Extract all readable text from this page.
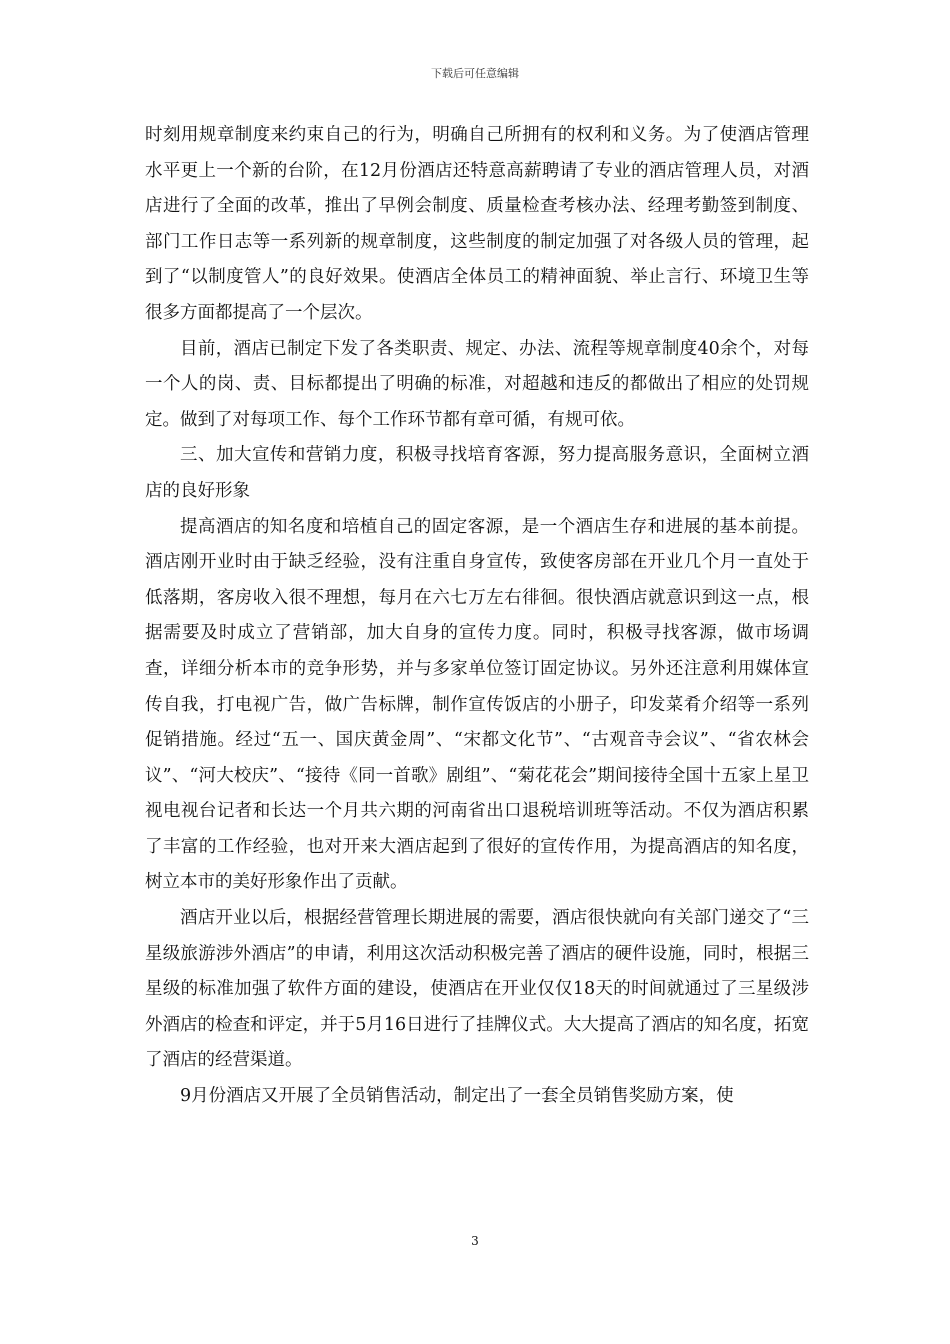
下载后可任意编辑

时刻用规章制度来约束自己的行为，明确自己所拥有的权利和义务。为了使酒店管理水平更上一个新的台阶，在12月份酒店还特意高薪聘请了专业的酒店管理人员，对酒店进行了全面的改革，推出了早例会制度、质量检查考核办法、经理考勤签到制度、部门工作日志等一系列新的规章制度，这些制度的制定加强了对各级人员的管理，起到了“以制度管人”的良好效果。使酒店全体员工的精神面貌、举止言行、环境卫生等很多方面都提高了一个层次。

目前，酒店已制定下发了各类职责、规定、办法、流程等规章制度40余个，对每一个人的岗、责、目标都提出了明确的标准，对超越和违反的都做出了相应的处罚规定。做到了对每项工作、每个工作环节都有章可循，有规可依。

三、加大宣传和营销力度，积极寻找培育客源，努力提高服务意识，全面树立酒店的良好形象

提高酒店的知名度和培植自己的固定客源，是一个酒店生存和进展的基本前提。酒店刚开业时由于缺乏经验，没有注重自身宣传，致使客房部在开业几个月一直处于低落期，客房收入很不理想，每月在六七万左右徘徊。很快酒店就意识到这一点，根据需要及时成立了营销部，加大自身的宣传力度。同时，积极寻找客源，做市场调查，详细分析本市的竞争形势，并与多家单位签订固定协议。另外还注意利用媒体宣传自我，打电视广告，做广告标牌，制作宣传饭店的小册子，印发菜肴介绍等一系列促销措施。经过“五一、国庆黄金周”、“宋都文化节”、“古观音寺会议”、“省农林会议”、“河大校庆”、“接待《同一首歌》剧组”、“菊花花会”期间接待全国十五家上星卫视电视台记者和长达一个月共六期的河南省出口退税培训班等活动。不仅为酒店积累了丰富的工作经验，也对开来大酒店起到了很好的宣传作用，为提高酒店的知名度，树立本市的美好形象作出了贡献。

酒店开业以后，根据经营管理长期进展的需要，酒店很快就向有关部门递交了“三星级旅游涉外酒店”的申请，利用这次活动积极完善了酒店的硬件设施，同时，根据三星级的标准加强了软件方面的建设，使酒店在开业仅仅18天的时间就通过了三星级涉外酒店的检查和评定，并于5月16日进行了挂牌仪式。大大提高了酒店的知名度，拓宽了酒店的经营渠道。

9月份酒店又开展了全员销售活动，制定出了一套全员销售奖励方案，使

3
